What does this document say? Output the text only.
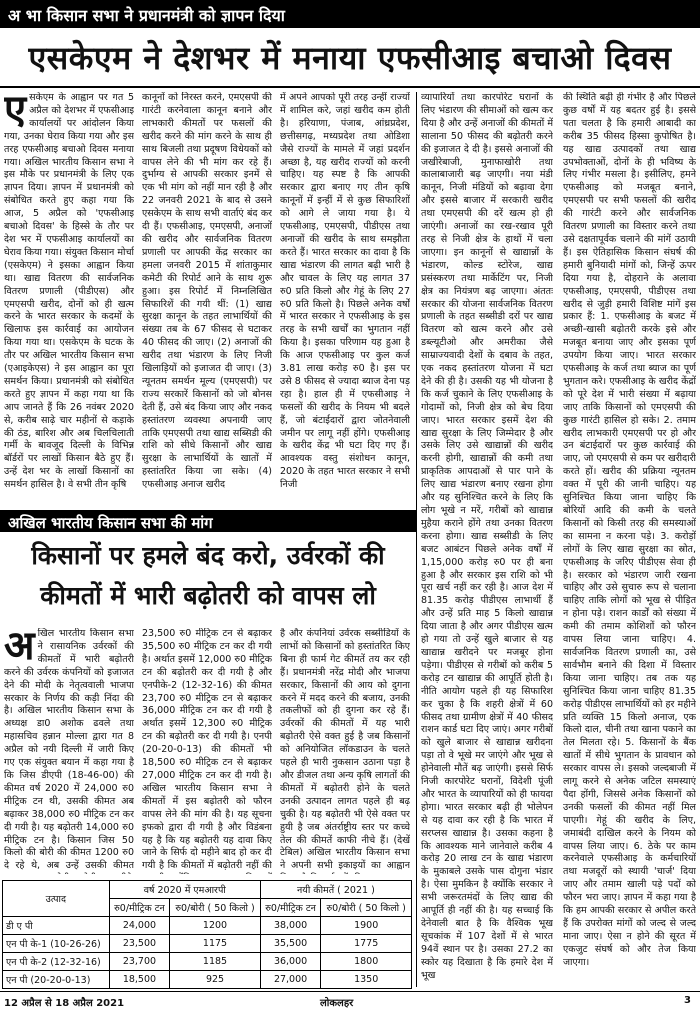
अ भा किसान सभा ने प्रधानमंत्री को ज्ञापन दिया
एसकेएम ने देशभर में मनाया एफसीआइ बचाओ दिवस
एसकेएम के आह्वान पर गत 5 अप्रैल को देशभर में एफसीआइ कार्यालयों पर आंदोलन किया गया, उनका घेराव किया गया और इस तरह एफसीआइ बचाओ दिवस मनाया गया। अखिल भारतीय किसान सभा ने इस मौके पर प्रधानमंत्री के लिए एक ज्ञापन दिया। ज्ञापन में प्रधानमंत्री को संबोधित करते हुए कहा गया कि आज, 5 अप्रैल को 'एफसीआइ बचाओ दिवस' के हिस्से के तौर पर देश भर में एफसीआइ कार्यालयों का घेराव किया गया। संयुक्त किसान मोर्चा (एसकेएम) ने इसका आह्वान किया था। खाद्य वितरण की सार्वजनिक वितरण प्रणाली (पीडीएस) और एमएसपी खरीद, दोनों को ही खत्म करने के भारत सरकार के कदमों के खिलाफ इस कार्रवाई का आयोजन किया गया था। एसकेएम के घटक के तौर पर अखिल भारतीय किसान सभा (एआइकेएस) ने इस आह्वान का पूरा समर्थन किया। प्रधानमंत्री को संबोधित करते हुए ज्ञापन में कहा गया था कि आप जानते हैं कि 26 नवंबर 2020 से, करीब साढ़े चार महीनों से कड़ाके की ठंड, बारिश और अब चिलचिलाती गर्मी के बावजूद दिल्ली के विभिन्न बॉर्डरों पर लाखों किसान बैठे हुए हैं। उन्हें देश भर के लाखों किसानों का समर्थन हासिल है। वे सभी तीन कृषि
कानूनों को निरस्त करने, एमएसपी की गारंटी करनेवाला कानून बनाने और लाभकारी कीमतों पर फसलों की खरीद करने की मांग करने के साथ ही साथ बिजली तथा प्रदूषण विधेयकों को वापस लेने की भी मांग कर रहे हैं। दुर्भाग्य से आपकी सरकार इनमें से एक भी मांग को नहीं मान रही है और 22 जनवरी 2021 के बाद से उसने एसकेएम के साथ सभी वार्ताएं बंद कर दी हैं। एफसीआइ, एमएसपी, अनाजों की खरीद और सार्वजनिक वितरण प्रणाली पर आपकी केंद्र सरकार का हमला जनवरी 2015 में शांताकुमार कमेटी की रिपोर्ट आने के साथ शुरू हुआ। इस रिपोर्ट में निम्नलिखित सिफारिशें की गयी थीं: (1) खाद्य सुरक्षा कानून के तहत लाभार्थियों की संख्या तब के 67 फीसद से घटाकर 40 फीसद की जाए। (2) अनाजों की खरीद तथा भंडारण के लिए निजी खिलाड़ियों को इजाजत दी जाए। (3) न्यूनतम समर्थन मूल्य (एमएसपी) पर राज्य सरकारें किसानों को जो बोनस देती हैं, उसे बंद किया जाए और नकद हस्तांतरण व्यवस्था अपनायी जाए ताकि एमएसपी तथा खाद्य सब्सिडी की राशि को सीधे किसानों और खाद्य सुरक्षा के लाभार्थियों के खातों में हस्तांतरित किया जा सके। (4) एफसीआइ अनाज खरीद
में अपने आपको पूरी तरह उन्हीं राज्यों में शामिल करे, जहां खरीद कम होती है। हरियाणा, पंजाब, आंध्रप्रदेश, छत्तीसगढ़, मध्यप्रदेश तथा ओडिशा जैसे राज्यों के मामले में जहां प्रदर्शन अच्छा है, यह खरीद राज्यों को करनी चाहिए। यह स्पष्ट है कि आपकी सरकार द्वारा बनाए गए तीन कृषि कानूनों में इन्हीं में से कुछ सिफारिशों को आगे ले जाया गया है। ये एफसीआइ, एमएसपी, पीडीएस तथा अनाजों की खरीद के साथ समझौता करते हैं। भारत सरकार का दावा है कि खाद्य भंडारण की लागत बढ़ी भारी है और चावल के लिए यह लागत 37 रु0 प्रति किलो और गेहूं के लिए 27 रु0 प्रति किलो है। पिछले अनेक वर्षों में भारत सरकार ने एफसीआइ के इस तरह के सभी खर्चों का भुगतान नहीं किया है। इसका परिणाम यह हुआ है कि आज एफसीआइ पर कुल कर्ज 3.81 लाख करोड़ रु0 है। इस पर उसे 8 फीसद से ज्यादा ब्याज देना पड़ रहा है। हाल ही में एफसीआइ ने फसलों की खरीद के नियम भी बदले हैं, जो बंटाईदारों द्वारा जोतनेवाली जमीन पर लागू नहीं होंगे। एफसीआइ के खरीद केंद्र भी घटा दिए गए हैं। आवश्यक वस्तु संशोधन कानून, 2020 के तहत भारत सरकार ने सभी निजी
व्यापारियों तथा कारपोरेट घरानों के लिए भंडारण की सीमाओं को खत्म कर दिया है और उन्हें अनाजों की कीमतों में सालाना 50 फीसद की बढ़ोतरी करने की इजाजत दे दी है। इससे अनाजों की जखीरेबाजी, मुनाफाखोरी तथा कालाबाजारी बढ़ जाएगी। नया मंडी कानून, निजी मंडियों को बढ़ावा देगा और इससे बाजार में सरकारी खरीद तथा एमएसपी की दरें खत्म हो ही जाएंगी। अनाजों का रख-रखाव पूरी तरह से निजी क्षेत्र के हाथों में चला जाएगा। इन कानूनों से खाद्यान्नों के भंडारण, कोल्ड स्टोरेज, खाद्य प्रसंस्करण तथा मार्केटिंग पर, निजी क्षेत्र का नियंत्रण बढ़ जाएगा। अंततः सरकार की योजना सार्वजनिक वितरण प्रणाली के तहत सब्सीडी दरों पर खाद्य वितरण को खत्म करने और उसे डब्ल्यूटीओ और अमरीका जैसे साम्राज्यवादी देशों के दबाव के तहत, एक नकद हस्तांतरण योजना में घटा देने की ही है। उसकी यह भी योजना है कि कर्ज चुकाने के लिए एफसीआइ के गोदामों को, निजी क्षेत्र को बेच दिया जाए। भारत सरकार इसमें देश की खाद्य सुरक्षा के लिए जिम्मेदार है और उसके लिए उसे खाद्यान्नों की खरीद करनी होगी, खाद्यान्नों की कमी तथा प्राकृतिक आपदाओं से पार पाने के लिए खाद्य भंडारण बनाए रखना होगा और यह सुनिश्चित करने के लिए कि लोग भूखे न मरें, गरीबों को खाद्यान्न मुहैया कराने होंगे तथा उनका वितरण करना होगा। खाद्य सब्सीडी के लिए बजट आबंटन पिछले अनेक वर्षों में 1,15,000 करोड़ रु0 पर ही बना हुआ है और सरकार इस राशि को भी पूरा खर्च नहीं कर रही है। आज देश में 81.35 करोड़ पीडीएस लाभार्थी हैं और उन्हें प्रति माह 5 किलो खाद्यान्न दिया जाता है और अगर पीडीएस खत्म हो गया तो उन्हें खुले बाजार से यह खाद्यान्न खरीदने पर मजबूर होना पड़ेगा। पीडीएस से गरीबों को करीब 5 करोड़ टन खाद्यान्न की आपूर्ति होती है। नीति आयोग पहले ही यह सिफारिश कर चुका है कि शहरी क्षेत्रों में 60 फीसद तथा ग्रामीण क्षेत्रों में 40 फीसद राशन कार्ड घटा दिए जाएं। अगर गरीबों को खुले बाजार से खाद्यान्न खरीदना पड़ा तो वे भूखे मर जाएंगे और भूख से होनेवाली मौतें बढ़ जाएंगी। इससे सिर्फ निजी कारपोरेट घरानों, विदेशी पूंजी और भारत के व्यापारियों को ही फायदा होगा। भारत सरकार बढ़ी ही भोलेपन से यह दावा कर रही है कि भारत में सरप्लस खाद्यान्न है। उसका कहना है कि आवश्यक माने जानेवाले करीब 4 करोड़ 20 लाख टन के खाद्य भंडारण के मुकाबले उसके पास दोगुना भंडार है। ऐसा मुमकिन है क्योंकि सरकार ने सभी जरूरतमंदों के लिए खाद्य की आपूर्ति ही नहीं की है। यह सच्चाई कि देनेवाली बात है कि वैश्विक भूख सूचकांक में 107 देशों में से भारत 94वें स्थान पर है। उसका 27.2 का स्कोर यह दिखाता है कि हमारे देश में भूख
की स्थिति बढ़ी ही गंभीर है और पिछले कुछ वर्षों में यह बदतर हुई है। इससे पता चलता है कि हमारी आबादी का करीब 35 फीसद हिस्सा कुपोषित है। यह खाद्य उत्पादकों तथा खाद्य उपभोक्ताओं, दोनों के ही भविष्य के लिए गंभीर मसला है। इसीलिए, हमने एफसीआइ को मजबूत बनाने, एमएसपी पर सभी फसलों की खरीद की गारंटी करने और सार्वजनिक वितरण प्रणाली का विस्तार करने तथा उसे दक्षतापूर्वक चलाने की मांगें उठायी हैं। इस ऐतिहासिक किसान संघर्ष की हमारी बुनियादी मांगों को, जिन्हें ऊपर दिया गया है, दोहराने के अलावा एफसीआइ, एमएसपी, पीडीएस तथा खरीद से जुड़ी हमारी विशिष्ट मांगें इस प्रकार हैं: 1. एफसीआइ के बजट में अच्छी-खासी बढ़ोतरी करके इसे और मजबूत बनाया जाए और इसका पूर्ण उपयोग किया जाए। भारत सरकार एफसीआइ के कर्ज तथा ब्याज का पूर्ण भुगतान करे। एफसीआइ के खरीद केंद्रों को पूरे देश में भारी संख्या में बढ़ाया जाए ताकि किसानों को एमएसपी की कुछ गारंटी हासिल हो सके। 2. तमाम खरीद लाभकारी एमएसपी पर हो और उन बंटाईदारों पर कुछ कार्रवाई की जाए, जो एमएसपी से कम पर खरीदारी करते हों। खरीद की प्रक्रिया न्यूनतम वक्त में पूरी की जानी चाहिए। यह सुनिश्चित किया जाना चाहिए कि बोरियों आदि की कमी के चलते किसानों को किसी तरह की समस्याओं का सामना न करना पड़े। 3. करोड़ों लोगों के लिए खाद्य सुरक्षा का स्रोत, एफसीआइ के जरिए पीडीएस सेवा ही है। सरकार को भंडारण जारी रखना चाहिए और उसे सुचारु रूप से चलाना चाहिए ताकि लोगों को भूख से पीड़ित न होना पड़े। राशन कार्डों को संख्या में कमी की तमाम कोशिशों को फौरन वापस लिया जाना चाहिए। 4. सार्वजनिक वितरण प्रणाली का, उसे सार्वभौम बनाने की दिशा में विस्तार किया जाना चाहिए। तब तक यह सुनिश्चित किया जाना चाहिए 81.35 करोड़ पीडीएस लाभार्थियों को हर महीने प्रति व्यक्ति 15 किलो अनाज, एक किलो दाल, चीनी तथा खाना पकाने का तेल मिलता रहे। 5. किसानों के बैंक खातों में सीधे भुगतान के प्रावधान को सरकार वापस ले। इसको जल्दबाजी में लागू करने से अनेक जटिल समस्याएं पैदा होंगी, जिससे अनेक किसानों को उनकी फसलों की कीमत नहीं मिल पाएगी। गेहूं की खरीद के लिए, जमाबंदी दाखिल करने के नियम को वापस लिया जाए। 6. ठेके पर काम करनेवाले एफसीआइ के कर्मचारियों तथा मजदूरों को स्थायी 'चार्ज' दिया जाए और तमाम खाली पड़े पदों को फौरन भरा जाए। ज्ञापन में कहा गया है कि हम आपकी सरकार से अपील करते हैं कि उपरोक्त मांगों को जल्द से जल्द माना जाए। ऐसा न होने की सूरत में एकजुट संघर्ष को और तेज किया जाएगा।
अखिल भारतीय किसान सभा की मांग
किसानों पर हमले बंद करो, उर्वरकों की
कीमतों में भारी बढ़ोतरी को वापस लो
अखिल भारतीय किसान सभा ने रासायनिक उर्वरकों की कीमतों में भारी बढ़ोतरी करने की उर्वरक कंपनियों को इजाजत देने की मोदी के नेतृत्ववाली भाजपा सरकार के निर्णय की कड़ी निंदा की है। अखिल भारतीय किसान सभा के अध्यक्ष डा0 अशोक ढवले तथा महासचिव हन्नान मोल्ला द्वारा गत 8 अप्रैल को नयी दिल्ली में जारी किए गए एक संयुक्त बयान में कहा गया है कि जिस डीएपी (18-46-00) की कीमत वर्ष 2020 में 24,000 रु0 मीट्रिक टन थी, उसकी कीमत अब बढ़ाकर 38,000 रु0 मीट्रिक टन कर दी गयी है। यह बढ़ोतरी 14,000 रु0 मीट्रिक टन है। किसान जिस 50 किलो की बोरी की कीमत 1200 रु0 दे रहे थे, अब उन्हें उसकी कीमत
23,500 रु0 मीट्रिक टन से बढ़ाकर 35,500 रु0 मीट्रिक टन कर दी गयी है। अर्थात इसमें 12,000 रु0 मीट्रिक टन की बढ़ोतरी कर दी गयी है और एनपीके-2 (12-32-16) की कीमत 23,700 रु0 मीट्रिक टन से बढ़ाकर 36,000 मीट्रिक टन कर दी गयी है अर्थात इसमें 12,300 रु0 मीट्रिक टन की बढ़ोतरी कर दी गयी है। एनपी (20-20-0-13) की कीमतों भी 18,500 रु0 मीट्रिक टन से बढ़ाकर 27,000 मीट्रिक टन कर दी गयी है। अखिल भारतीय किसान सभा ने कीमतों में इस बढ़ोतरी को फौरन वापस लेने की मांग की है। यह सूचना इफको द्वारा दी गयी है और विडंबना यह है कि यह बढ़ोतरी यह दावा किए जाने के सिर्फ दो महीने बाद हो कर दी गयी है कि कीमतों में बढ़ोतरी नहीं की
है और कंपनियां उर्वरक सब्सीडियों के लाभों को किसानों को हस्तांतरित किए बिना ही फार्म गेट कीमतें तय कर रही हैं। प्रधानमंत्री नरेंद्र मोदी और भाजपा सरकार, किसानों की आय को दुगना करने में मदद करने की बजाय, उनकी तकलीफों को ही दुगना कर रहे हैं। उर्वरकों की कीमतों में यह भारी बढ़ोतरी ऐसे वक्त हुई है जब किसानों को अनियोजित लॉकडाउन के चलते पहले ही भारी नुकसान उठाना पड़ा है और डीजल तथा अन्य कृषि लागतों की कीमतों में बढ़ोतरी होने के चलते उनकी उत्पादन लागत पहले ही बढ़ चुकी है। यह बढ़ोतरी भी ऐसे वक्त पर हुयी है जब अंतर्राष्ट्रीय स्तर पर कच्चे तेल की कीमतें काफी नीचे हैं। (देखें टेबिल) अखिल भारतीय किसान सभा ने अपनी सभी इकाइयों का आह्वान
उत्पाद	वर्ष 2020 में एमआरपी		नयी कीमतें ( 2021 )	
	रु0/मीट्रिक टन	रु0/बोरी ( 50 किलो )	रु0/मीट्रिक टन	रु0/बोरी ( 50 किलो )
डी ए पी	24,000	1200	38,000	1900
एन पी के-1 (10-26-26)	23,500	1175	35,500	1775
एन पी के-2 (12-32-16)	23,700	1185	36,000	1800
एन पी (20-20-0-13)	18,500	925	27,000	1350
12 अप्रैल से 18 अप्रैल 2021	लोकलहर	3
